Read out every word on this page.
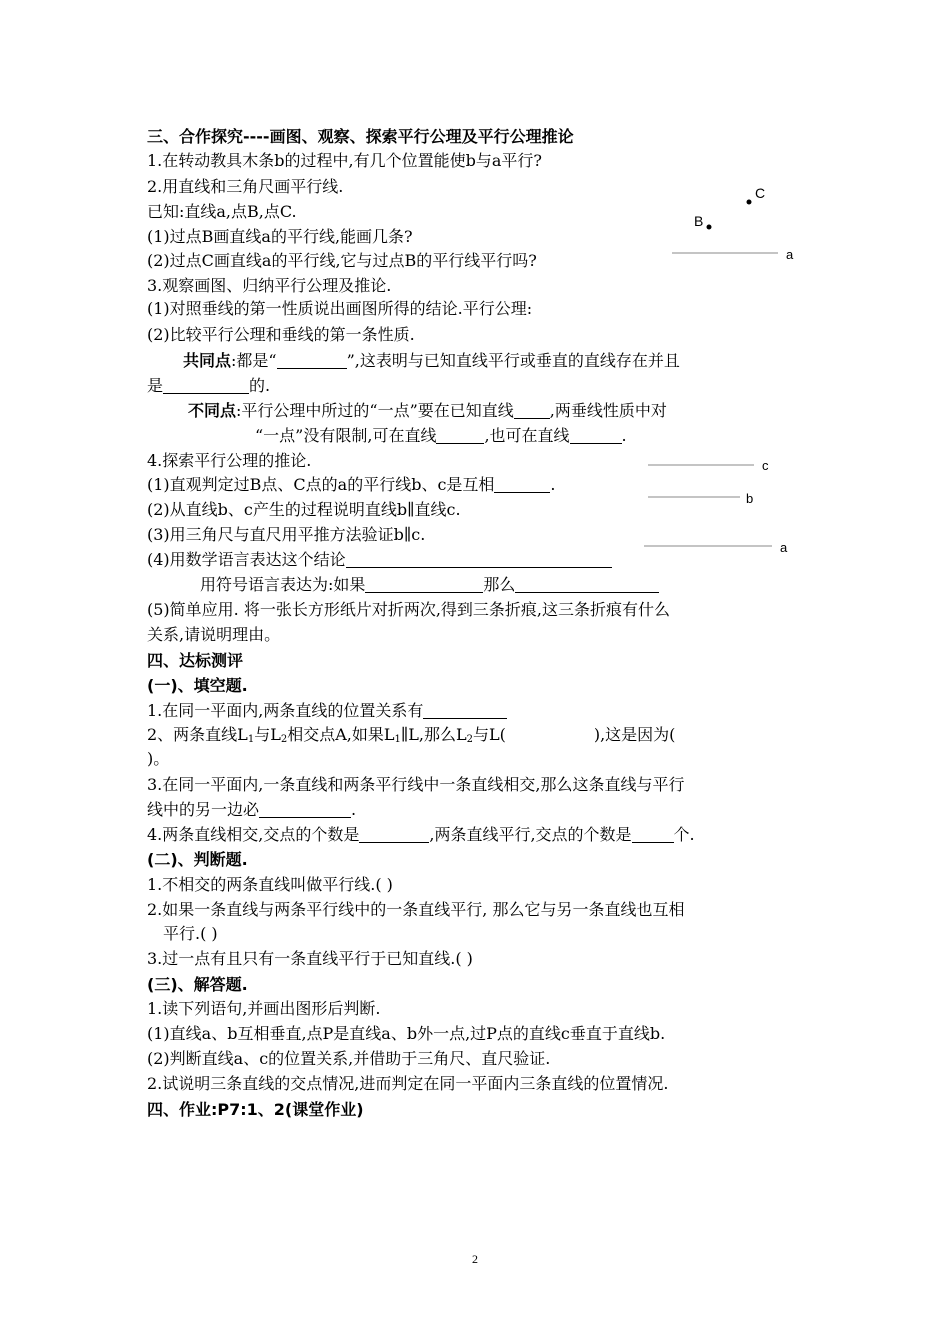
三、合作探究----画图、观察、探索平行公理及平行公理推论

1.在转动教具木条b的过程中,有几个位置能使b与a平行?

2.用直线和三角尺画平行线.

已知:直线a,点B,点C.

(1)过点B画直线a的平行线,能画几条?

(2)过点C画直线a的平行线,它与过点B的平行线平行吗?

3.观察画图、归纳平行公理及推论.

(1)对照垂线的第一性质说出画图所得的结论.平行公理:

(2)比较平行公理和垂线的第一条性质.

共同点:都是“	”,这表明与已知直线平行或垂直的直线存在并且

是	的.

不同点:平行公理中所过的“一点”要在已知直线 ,两垂线性质中对

“一点”没有限制,可在直线	,也可在直线	.

4.探索平行公理的推论.

(1)直观判定过B点、C点的a的平行线b、c是互相	.

(2)从直线b、c产生的过程说明直线b∥直线c.

(3)用三角尺与直尺用平推方法验证b∥c.

(4)用数学语言表达这个结论

用符号语言表达为:如果	那么

(5)简单应用. 将一张长方形纸片对折两次,得到三条折痕,这三条折痕有什么

关系,请说明理由。

四、达标测评

(一)、填空题.

1.在同一平面内,两条直线的位置关系有

2、两条直线$L_1$与$L_2$相交点A,如果$L_1\parallel L$,那么$L_2$与L(	),这是因为(

)。

3.在同一平面内,一条直线和两条平行线中一条直线相交,那么这条直线与平行

线中的另一边必	.

4.两条直线相交,交点的个数是	,两条直线平行,交点的个数是	个.

(二)、判断题.

1.不相交的两条直线叫做平行线.( )

2.如果一条直线与两条平行线中的一条直线平行, 那么它与另一条直线也互相

平行.( )

3.过一点有且只有一条直线平行于已知直线.( )

(三)、解答题.

1.读下列语句,并画出图形后判断.

(1)直线a、b互相垂直,点P是直线a、b外一点,过P点的直线c垂直于直线b.

(2)判断直线a、c的位置关系,并借助于三角尺、直尺验证.

2.试说明三条直线的交点情况,进而判定在同一平面内三条直线的位置情况.

四、作业:P7:1、2(课堂作业)

C
B
a
c
b
a
2
